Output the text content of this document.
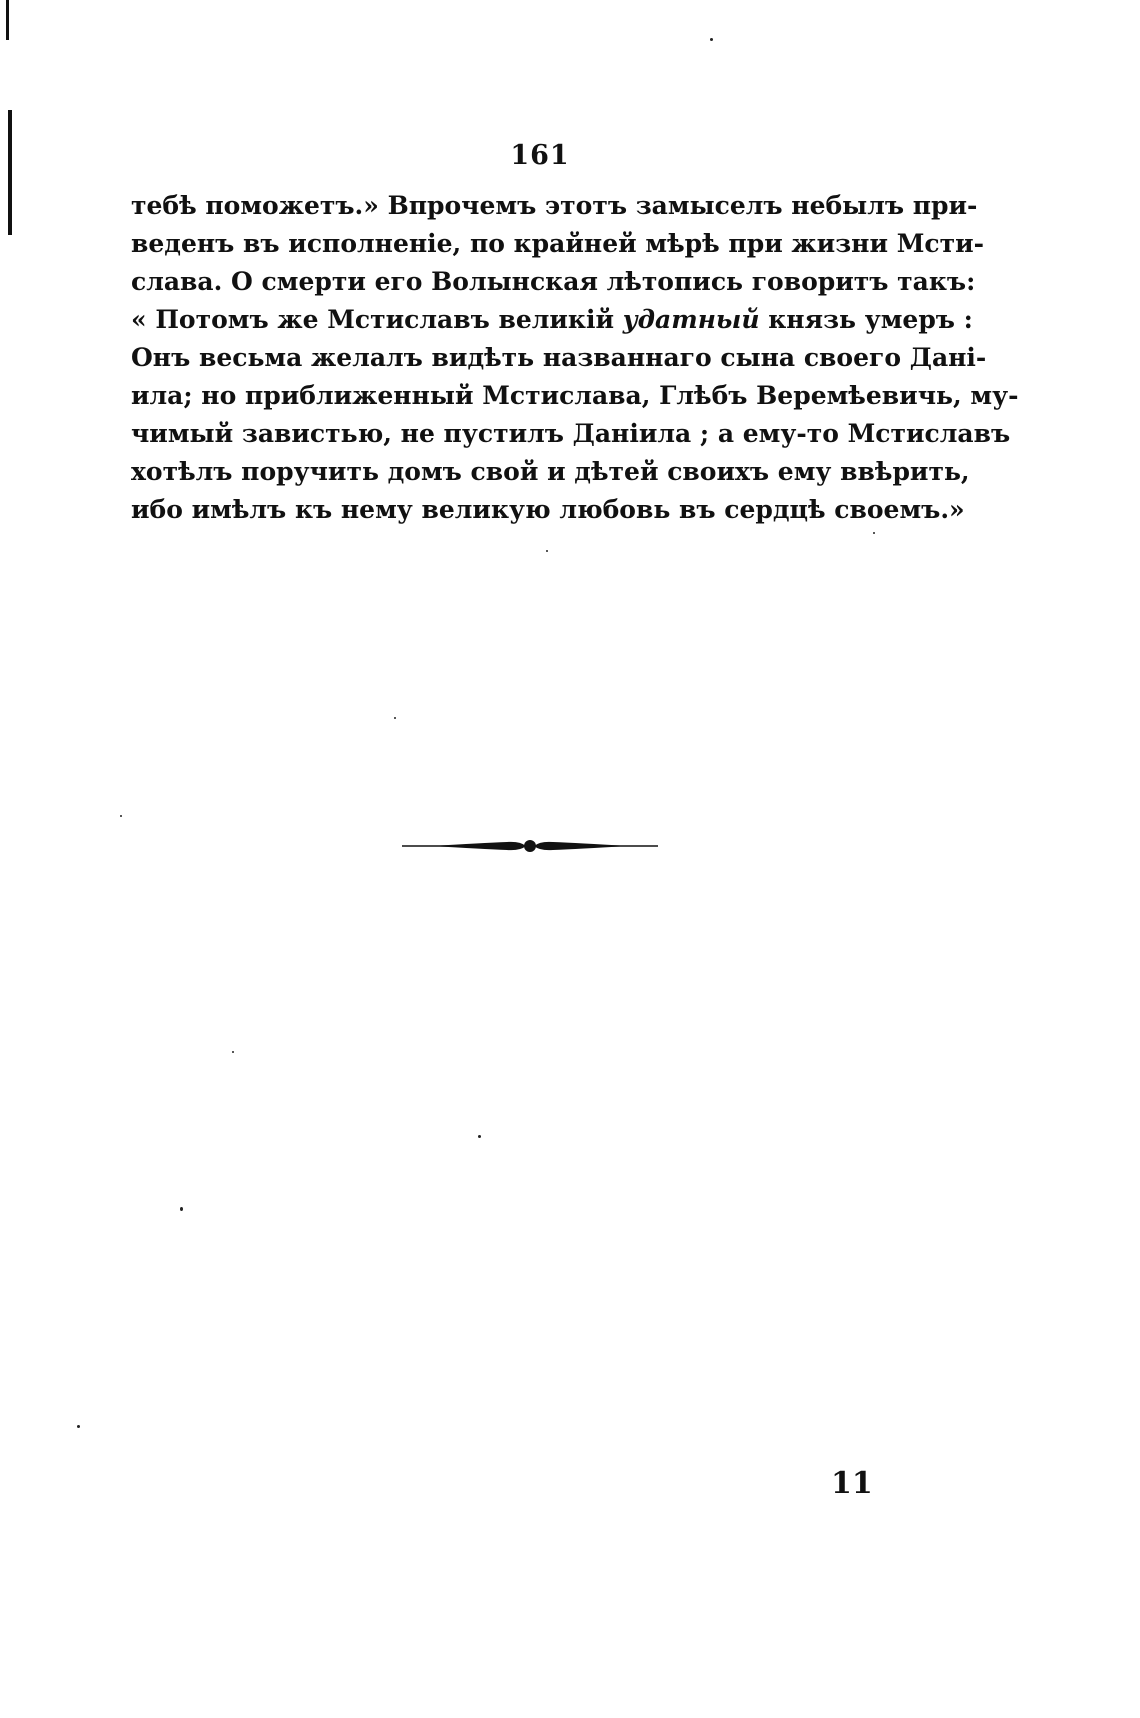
161
тебѣ поможетъ.» Впрочемъ этотъ замыселъ небылъ при-
веденъ въ исполненіе, по крайней мѣрѣ при жизни Мсти-
слава. О смерти его Волынская лѣтопись говоритъ такъ:
« Потомъ же Мстиславъ великій удатный князь умеръ :
Онъ весьма желалъ видѣть названнаго сына своего Дані-
ила; но приближенный Мстислава, Глѣбъ Веремѣевичь, му-
чимый завистью, не пустилъ Даніила ; а ему-то Мстиславъ
хотѣлъ поручить домъ свой и дѣтей своихъ ему ввѣрить,
ибо имѣлъ къ нему великую любовь въ сердцѣ своемъ.»
11
